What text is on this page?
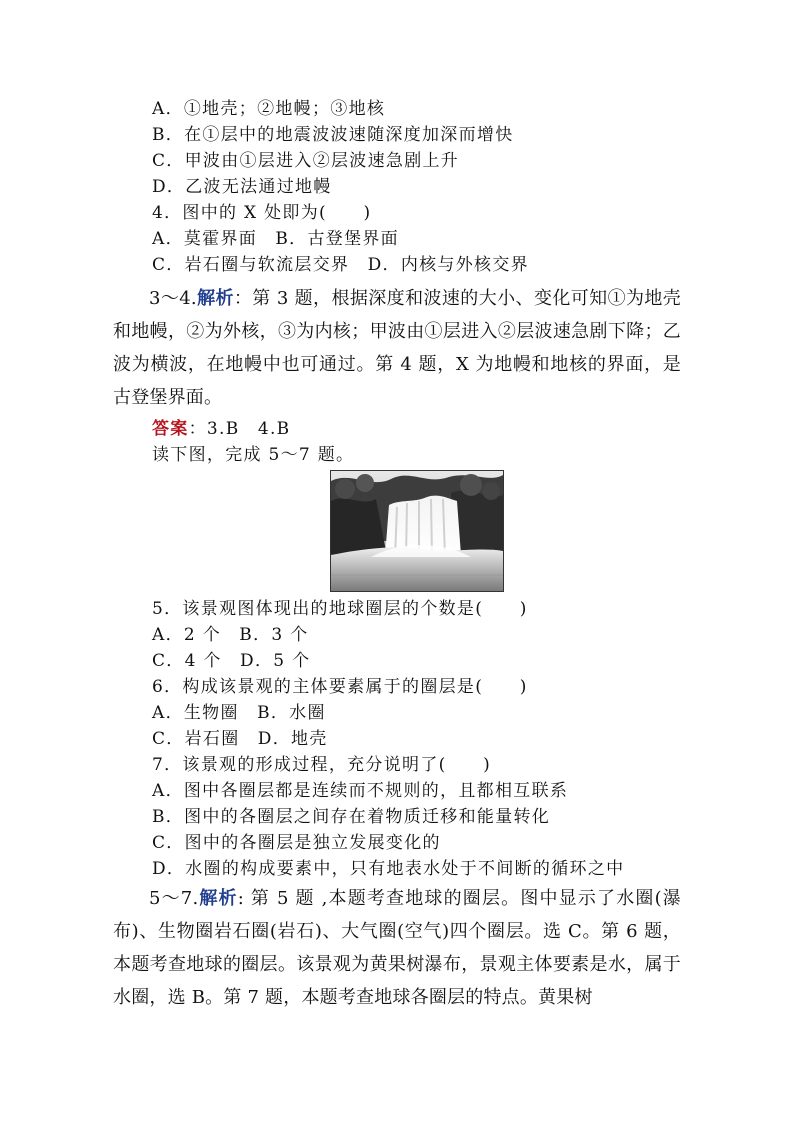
A．①地壳；②地幔；③地核
B．在①层中的地震波波速随深度加深而增快
C．甲波由①层进入②层波速急剧上升
D．乙波无法通过地幔
4．图中的 X 处即为(　　)
A．莫霍界面　B．古登堡界面
C．岩石圈与软流层交界　D．内核与外核交界
3～4.解析：第 3 题，根据深度和波速的大小、变化可知①为地壳和地幔，②为外核，③为内核；甲波由①层进入②层波速急剧下降；乙波为横波，在地幔中也可通过。第 4 题，X 为地幔和地核的界面，是古登堡界面。
答案：3.B　4.B
读下图，完成 5～7 题。
5．该景观图体现出的地球圈层的个数是(　　)
A．2 个　B．3 个
C．4 个　D．5 个
6．构成该景观的主体要素属于的圈层是(　　)
A．生物圈　B．水圈
C．岩石圈　D．地壳
7．该景观的形成过程，充分说明了(　　)
A．图中各圈层都是连续而不规则的，且都相互联系
B．图中的各圈层之间存在着物质迁移和能量转化
C．图中的各圈层是独立发展变化的
D．水圈的构成要素中，只有地表水处于不间断的循环之中
5～7.解析: 第 5 题 ,本题考查地球的圈层。图中显示了水圈(瀑布)、生物圈岩石圈(岩石)、大气圈(空气)四个圈层。选 C。第 6 题，本题考查地球的圈层。该景观为黄果树瀑布，景观主体要素是水，属于水圈，选 B。第 7 题，本题考查地球各圈层的特点。黄果树
